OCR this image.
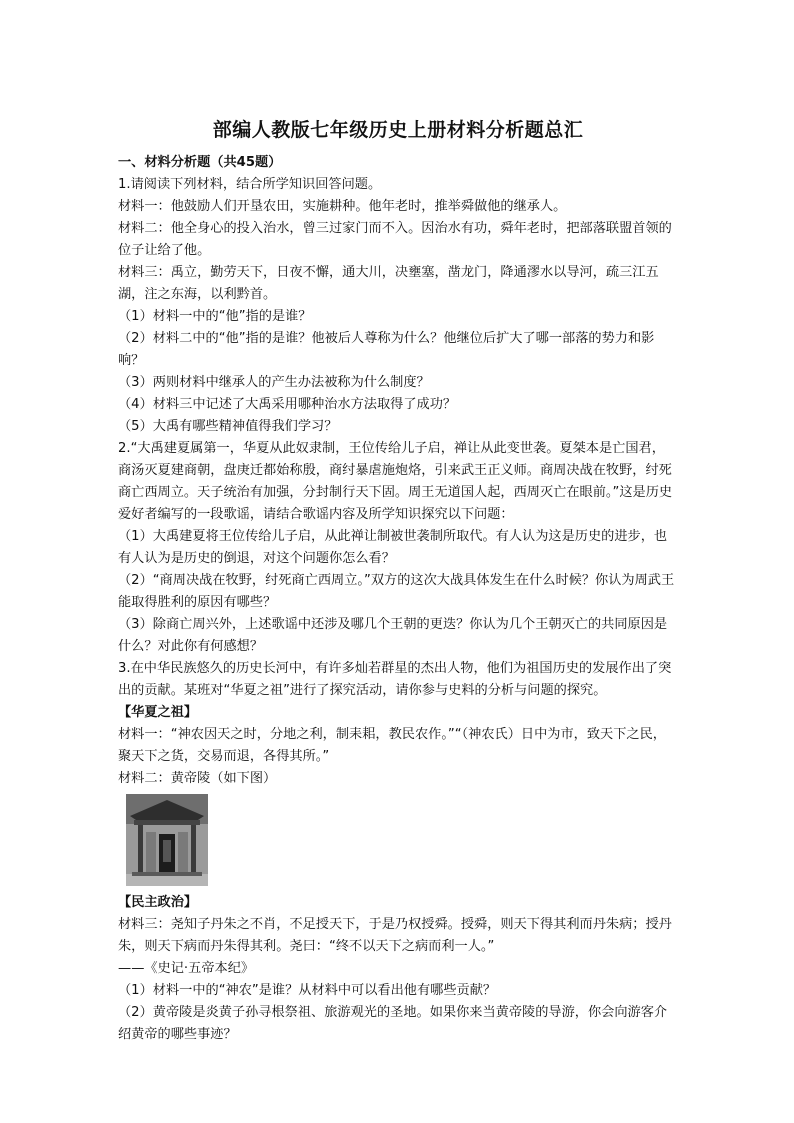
部编人教版七年级历史上册材料分析题总汇

一、材料分析题（共45题）

1.请阅读下列材料，结合所学知识回答问题。

材料一：他鼓励人们开垦农田，实施耕种。他年老时，推举舜做他的继承人。

材料二：他全身心的投入治水，曾三过家门而不入。因治水有功，舜年老时，把部落联盟首领的位子让给了他。

材料三：禹立，勤劳天下，日夜不懈，通大川，决壅塞，凿龙门，降通漻水以导河，疏三江五湖，注之东海，以利黔首。

（1）材料一中的“他”指的是谁？

（2）材料二中的“他”指的是谁？他被后人尊称为什么？他继位后扩大了哪一部落的势力和影响？

（3）两则材料中继承人的产生办法被称为什么制度？

（4）材料三中记述了大禹采用哪种治水方法取得了成功？

（5）大禹有哪些精神值得我们学习？

2.“大禹建夏属第一，华夏从此奴隶制，王位传给儿子启，禅让从此变世袭。夏桀本是亡国君，商汤灭夏建商朝，盘庚迁都始称殷，商纣暴虐施炮烙，引来武王正义师。商周决战在牧野，纣死商亡西周立。天子统治有加强，分封制行天下固。周王无道国人起，西周灭亡在眼前。”这是历史爱好者编写的一段歌谣，请结合歌谣内容及所学知识探究以下问题：

（1）大禹建夏将王位传给儿子启，从此禅让制被世袭制所取代。有人认为这是历史的进步，也有人认为是历史的倒退，对这个问题你怎么看？

（2）“商周决战在牧野，纣死商亡西周立。”双方的这次大战具体发生在什么时候？你认为周武王能取得胜利的原因有哪些？

（3）除商亡周兴外，上述歌谣中还涉及哪几个王朝的更迭？你认为几个王朝灭亡的共同原因是什么？对此你有何感想？

3.在中华民族悠久的历史长河中，有许多灿若群星的杰出人物，他们为祖国历史的发展作出了突出的贡献。某班对“华夏之祖”进行了探究活动，请你参与史料的分析与问题的探究。

【华夏之祖】

材料一：“神农因天之时，分地之利，制耒耜，教民农作。”“（神农氏）日中为市，致天下之民，聚天下之货，交易而退，各得其所。”

材料二：黄帝陵（如下图）

【民主政治】

材料三：尧知子丹朱之不肖，不足授天下，于是乃权授舜。授舜，则天下得其利而丹朱病；授丹朱，则天下病而丹朱得其利。尧曰：“终不以天下之病而利一人。”

——《史记·五帝本纪》

（1）材料一中的“神农”是谁？从材料中可以看出他有哪些贡献？

（2）黄帝陵是炎黄子孙寻根祭祖、旅游观光的圣地。如果你来当黄帝陵的导游，你会向游客介绍黄帝的哪些事迹？
